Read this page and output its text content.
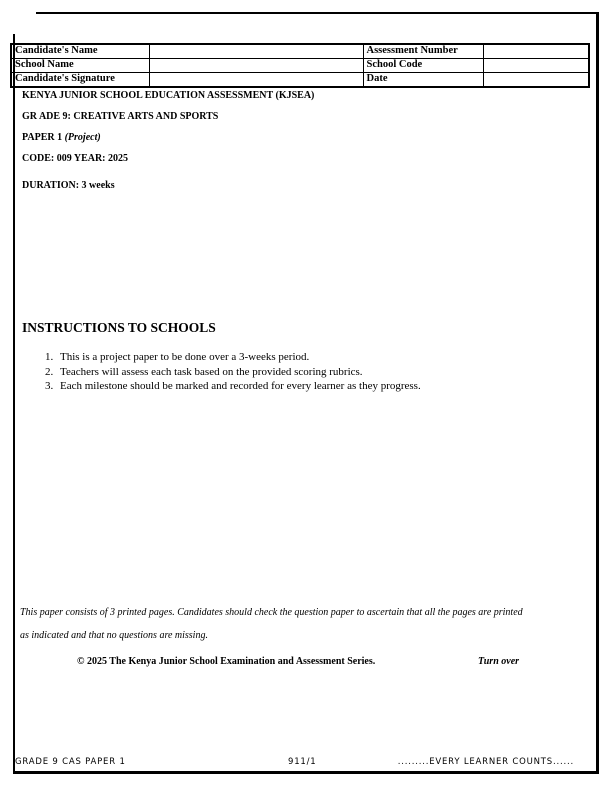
Candidate's Name		Assessment Number	
School Name		School Code	
Candidate's Signature		Date	
KENYA JUNIOR SCHOOL EDUCATION ASSESSMENT (KJSEA)
GR ADE 9: CREATIVE ARTS AND SPORTS
PAPER 1 (Project)
CODE: 009 YEAR: 2025
DURATION: 3 weeks
INSTRUCTIONS TO SCHOOLS
1. This is a project paper to be done over a 3-weeks period.
2. Teachers will assess each task based on the provided scoring rubrics.
3. Each milestone should be marked and recorded for every learner as they progress.
This paper consists of 3 printed pages. Candidates should check the question paper to ascertain that all the pages are printed
as indicated and that no questions are missing.
© 2025 The Kenya Junior School Examination and Assessment Series.	Turn over
GRADE 9 CAS PAPER 1	911/1	.........EVERY LEARNER COUNTS......
